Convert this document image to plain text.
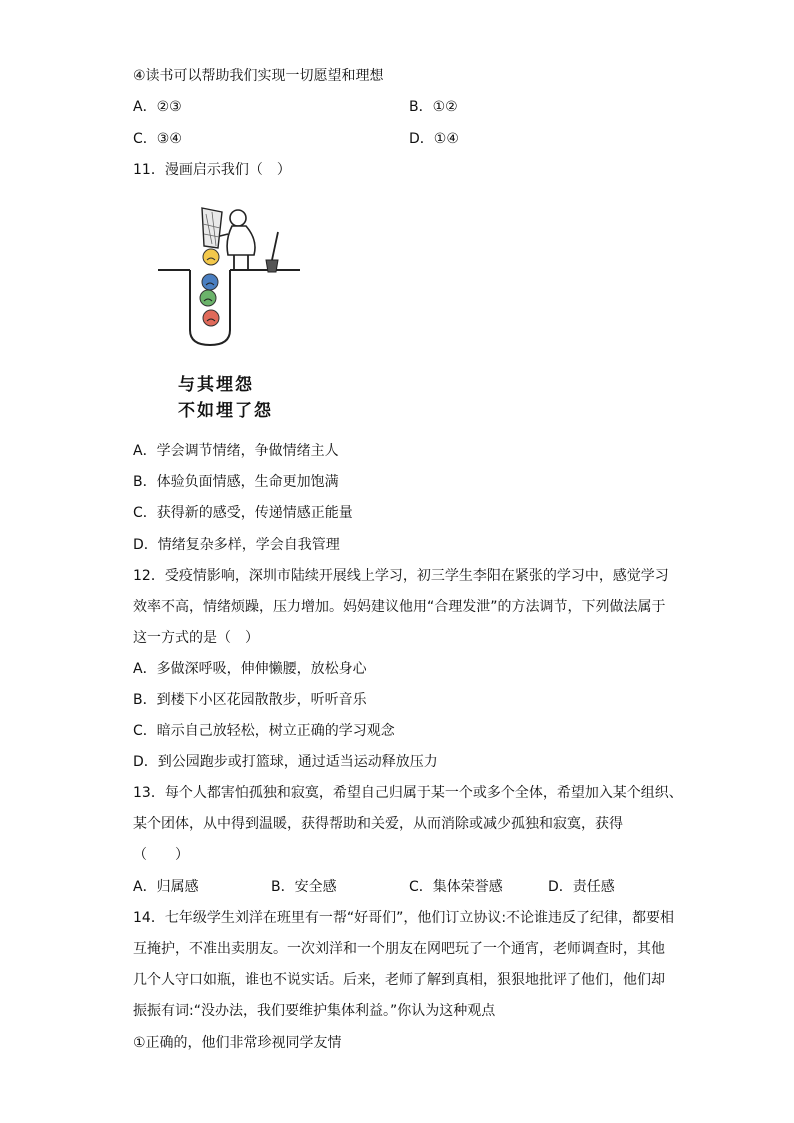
④读书可以帮助我们实现一切愿望和理想
A．②③	B．①②
C．③④	D．①④
11．漫画启示我们（　）
与其埋怨
不如埋了怨
A．学会调节情绪，争做情绪主人
B．体验负面情感，生命更加饱满
C．获得新的感受，传递情感正能量
D．情绪复杂多样，学会自我管理
12．受疫情影响，深圳市陆续开展线上学习，初三学生李阳在紧张的学习中，感觉学习
效率不高，情绪烦躁，压力增加。妈妈建议他用“合理发泄”的方法调节，下列做法属于
这一方式的是（　）
A．多做深呼吸，伸伸懒腰，放松身心
B．到楼下小区花园散散步，听听音乐
C．暗示自己放轻松，树立正确的学习观念
D．到公园跑步或打篮球，通过适当运动释放压力
13．每个人都害怕孤独和寂寞，希望自己归属于某一个或多个全体，希望加入某个组织、
某个团体，从中得到温暖，获得帮助和关爱，从而消除或减少孤独和寂寞，获得
（　　）
A．归属感	B．安全感	C．集体荣誉感	D．责任感
14．七年级学生刘洋在班里有一帮“好哥们”，他们订立协议:不论谁违反了纪律，都要相
互掩护，不准出卖朋友。一次刘洋和一个朋友在网吧玩了一个通宵，老师调查时，其他
几个人守口如瓶，谁也不说实话。后来，老师了解到真相，狠狠地批评了他们，他们却
振振有词:“没办法，我们要维护集体利益。”你认为这种观点
①正确的，他们非常珍视同学友情
